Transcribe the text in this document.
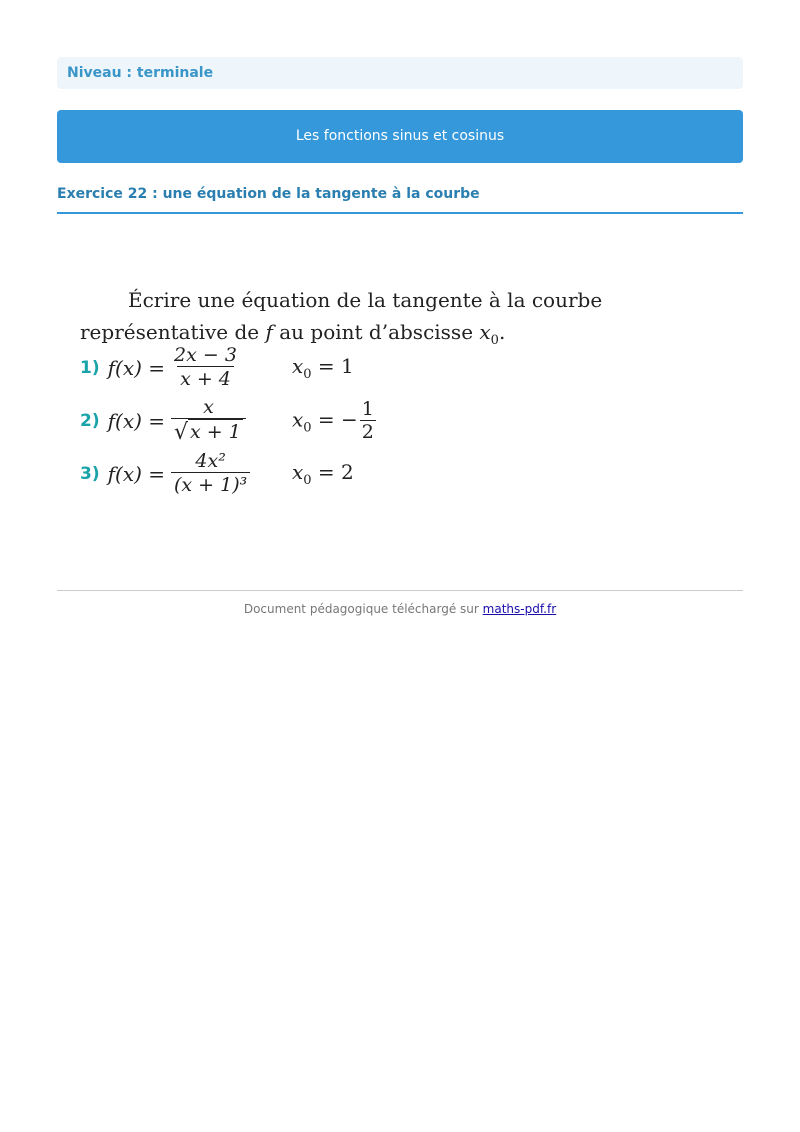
Niveau : terminale
Les fonctions sinus et cosinus
Exercice 22 : une équation de la tangente à la courbe
Écrire une équation de la tangente à la courbe
représentative de f au point d’abscisse $x_0$.
1) $f(x) = \frac{2x - 3}{x + 4}$	$x_0 = 1$
2) $f(x) = \frac{x}{√ x + 1} x_0$ = − $\frac{1}{2}$
3) $f(x) = \frac{\text{4x²}}{\text{(x + 1)³}} x_0 = 2$
Document pédagogique téléchargé sur maths-pdf.fr
